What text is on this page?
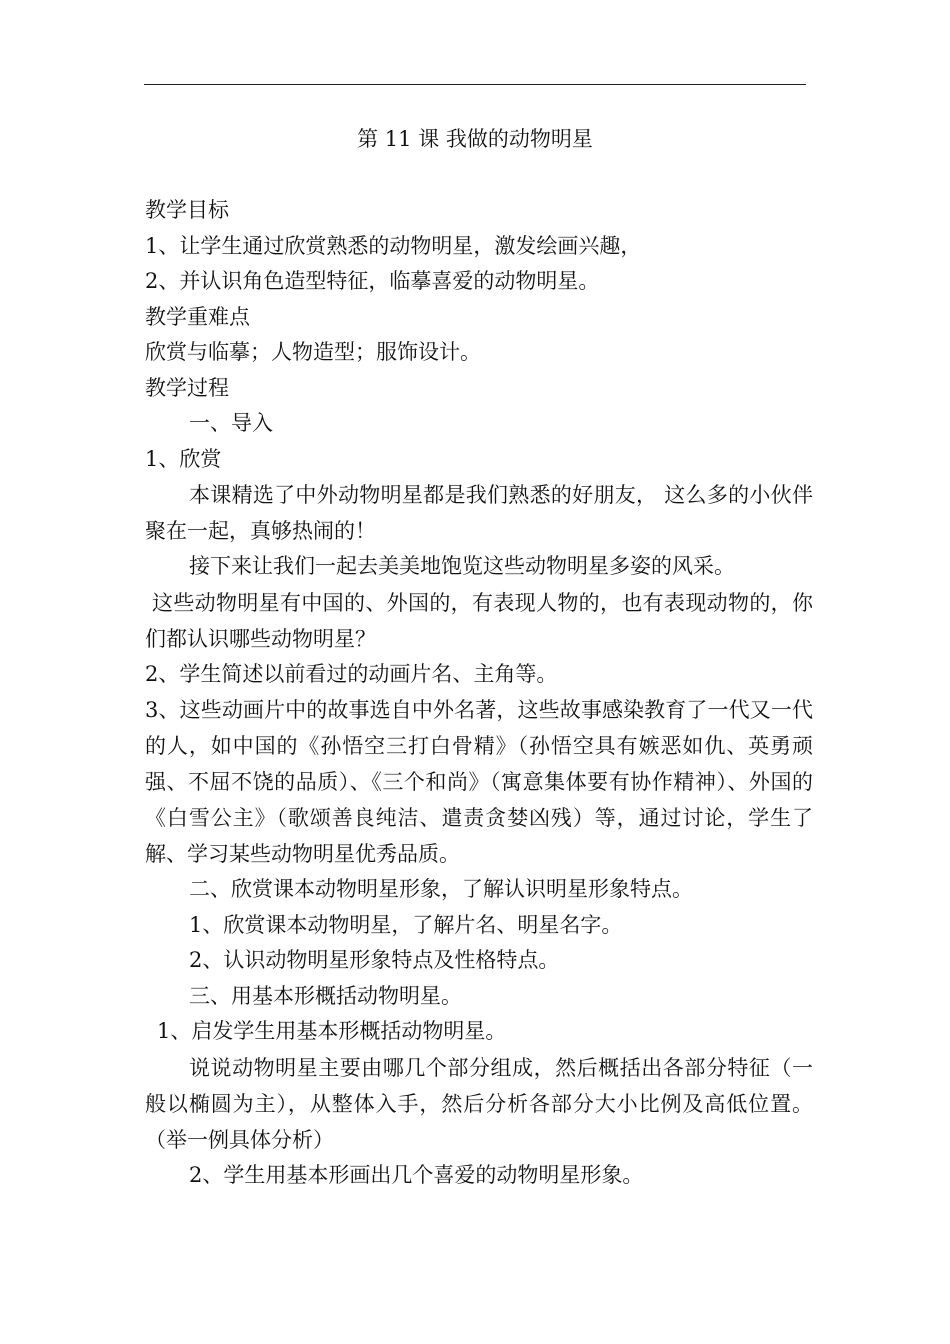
第 11 课 我做的动物明星

教学目标

1、让学生通过欣赏熟悉的动物明星，激发绘画兴趣，

2、并认识角色造型特征，临摹喜爱的动物明星。

教学重难点

欣赏与临摹；人物造型；服饰设计。

教学过程

一、导入

1、欣赏

本课精选了中外动物明星都是我们熟悉的好朋友， 这么多的小伙伴聚在一起，真够热闹的！

接下来让我们一起去美美地饱览这些动物明星多姿的风采。

这些动物明星有中国的、外国的，有表现人物的，也有表现动物的，你们都认识哪些动物明星？

2、学生简述以前看过的动画片名、主角等。

3、这些动画片中的故事选自中外名著，这些故事感染教育了一代又一代的人，如中国的《孙悟空三打白骨精》（孙悟空具有嫉恶如仇、英勇顽强、不屈不饶的品质）、《三个和尚》（寓意集体要有协作精神）、外国的《白雪公主》（歌颂善良纯洁、遣责贪婪凶残）等，通过讨论，学生了解、学习某些动物明星优秀品质。

二、欣赏课本动物明星形象，了解认识明星形象特点。

1、欣赏课本动物明星，了解片名、明星名字。

2、认识动物明星形象特点及性格特点。

三、用基本形概括动物明星。

1、启发学生用基本形概括动物明星。

说说动物明星主要由哪几个部分组成，然后概括出各部分特征（一般以椭圆为主），从整体入手，然后分析各部分大小比例及高低位置。（举一例具体分析）

2、学生用基本形画出几个喜爱的动物明星形象。
